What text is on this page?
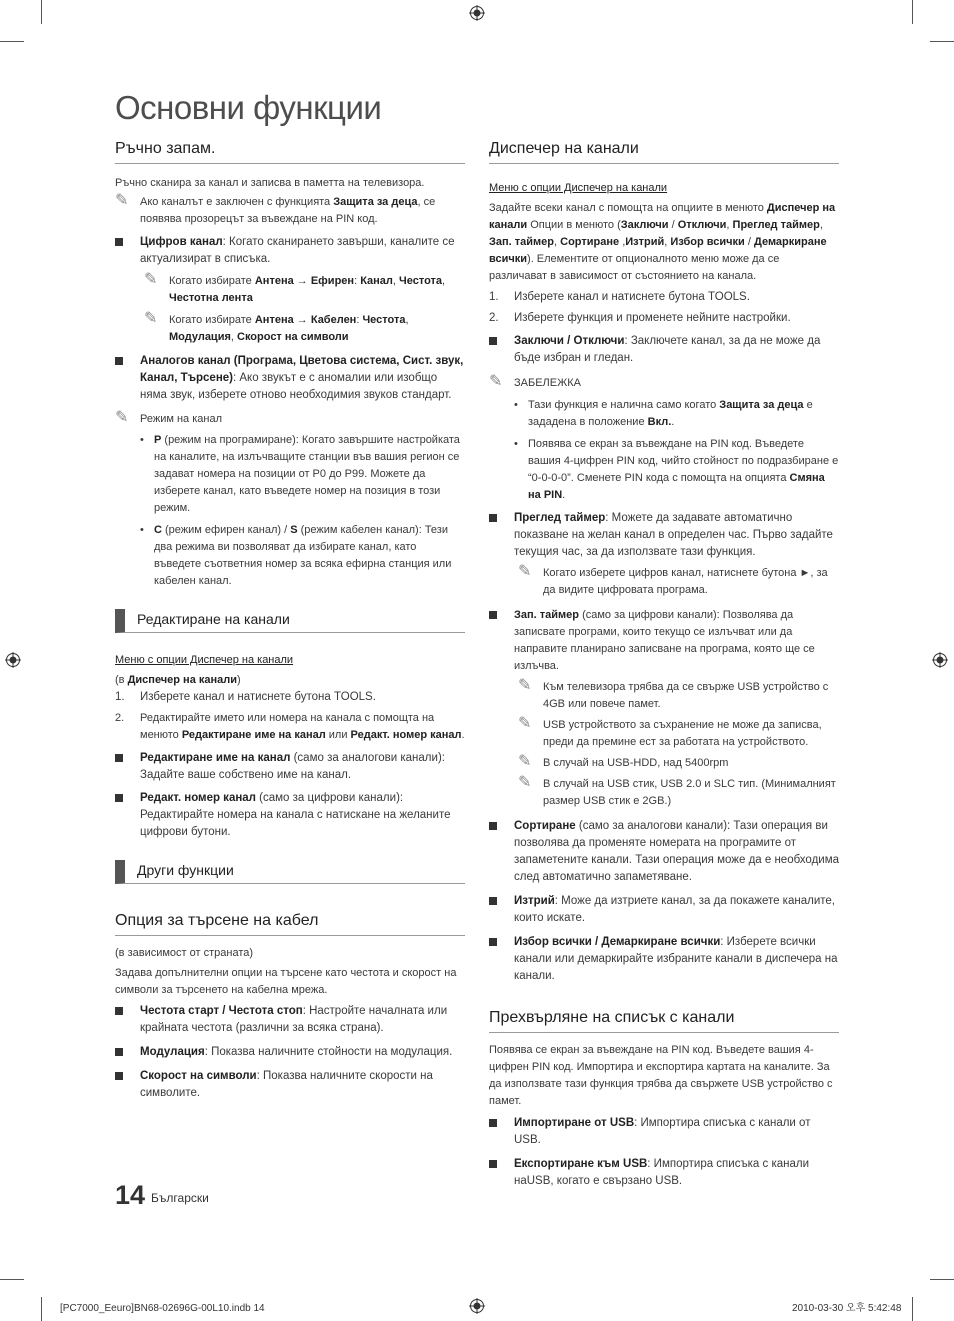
Основни функции
Ръчно запам.

Ръчно сканира за канал и записва в паметта на телевизора.

✎ Ако каналът е заключен с функцията Защита за деца, се появява прозорецът за въвеждане на PIN код.
Цифров канал: Когато сканирането завърши, каналите се актуализират в списъка.
✎ Когато избирате Антена → Ефирен: Канал, Честота, Честотна лента
✎ Когато избирате Антена → Кабелен: Честота, Модулация, Скорост на символи
Аналогов канал (Програма, Цветова система, Сист. звук, Канал, Търсене): Ако звукът е с аномалии или изобщо няма звук, изберете отново необходимия звуков стандарт.
✎ Режим на канал
• P (режим на програмиране): Когато завършите настройката на каналите, на излъчващите станции във вашия регион се задават номера на позиции от P0 до P99. Можете да изберете канал, като въведете номер на позиция в този режим.
• C (режим ефирен канал) / S (режим кабелен канал): Тези два режима ви позволяват да избирате канал, като въведете съответния номер за всяка ефирна станция или кабелен канал.
Редактиране на канали

Меню с опции Диспечер на канали

(в Диспечер на канали)

1. Изберете канал и натиснете бутона TOOLS.
2. Редактирайте името или номера на канала с помощта на менюто Редактиране име на канал или Редакт. номер канал.
Редактиране име на канал (само за аналогови канали): Задайте ваше собствено име на канал.
Редакт. номер канал (само за цифрови канали): Редактирайте номера на канала с натискане на желаните цифрови бутони.
Други функции
Опция за търсене на кабел

(в зависимост от страната)

Задава допълнителни опции на търсене като честота и скорост на символи за търсенето на кабелна мрежа.

Честота старт / Честота стоп: Настройте началната или крайната честота (различни за всяка страна).
Модулация: Показва наличните стойности на модулация.
Скорост на символи: Показва наличните скорости на символите.
Диспечер на канали

Меню с опции Диспечер на канали

Задайте всеки канал с помощта на опциите в менюто Диспечер на канали Опции в менюто (Заключи / Отключи, Преглед таймер, Зап. таймер, Сортиране ,Изтрий, Избор всички / Демаркиране всички). Елементите от опционалното меню може да се различават в зависимост от състоянието на канала.

1. Изберете канал и натиснете бутона TOOLS.
2. Изберете функция и променете нейните настройки.
Заключи / Отключи: Заключете канал, за да не може да бъде избран и гледан.
✎ ЗАБЕЛЕЖКА
• Тази функция е налична само когато Защита за деца е зададена в положение Вкл..
• Появява се екран за въвеждане на PIN код. Въведете вашия 4-цифрен PIN код, чийто стойност по подразбиране е “0-0-0-0”. Сменете PIN кода с помощта на опцията Смяна на PIN.
Преглед таймер: Можете да задавате автоматично показване на желан канал в определен час. Първо задайте текущия час, за да използвате тази функция.
✎ Когато изберете цифров канал, натиснете бутона ►, за да видите цифровата програма.
Зап. таймер (само за цифрови канали): Позволява да записвате програми, които текущо се излъчват или да направите планирано записване на програма, която ще се излъчва.
✎ Към телевизора трябва да се свърже USB устройство с 4GB или повече памет.
✎ USB устройството за съхранение не може да записва, преди да премине ест за работата на устройството.
✎ В случай на USB-HDD, над 5400rpm
✎ В случай на USB стик, USB 2.0 и SLC тип. (Минималният размер USB стик е 2GB.)
Сортиране (само за аналогови канали): Тази операция ви позволява да променяте номерата на програмите от запаметените канали. Тази операция може да е необходима след автоматично запаметяване.
Изтрий: Може да изтриете канал, за да покажете каналите, които искате.
Избор всички / Демаркиране всички: Изберете всички канали или демаркирайте избраните канали в диспечера на канали.
Прехвърляне на списък с канали

Появява се екран за въвеждане на PIN код. Въведете вашия 4-цифрен PIN код. Импортира и експортира картата на каналите. За да използвате тази функция трябва да свържете USB устройство с памет.

Импортиране от USB: Импортира списъка с канали от USB.
Експортиране към USB: Импортира списъка с канали наUSB, когато е свързано USB.
14 Български
[PC7000_Eeuro]BN68-02696G-00L10.indb 14	2010-03-30 오후 5:42:48
